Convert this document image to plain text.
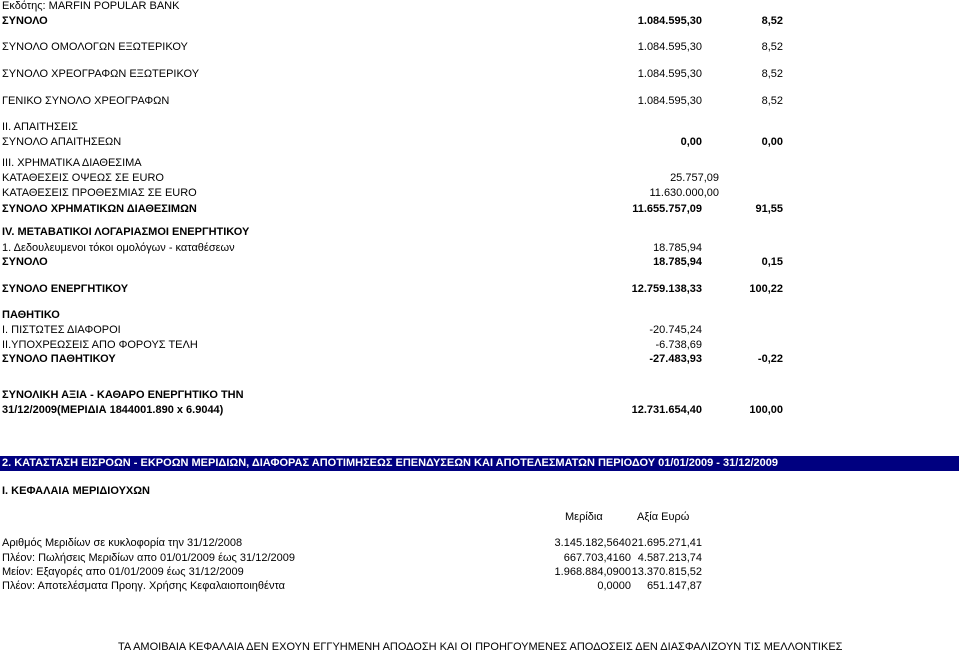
Εκδότης: MARFIN POPULAR BANK
ΣΥΝΟΛΟ	1.084.595,30	8,52
ΣΥΝΟΛΟ ΟΜΟΛΟΓΩΝ ΕΞΩΤΕΡΙΚΟΥ	1.084.595,30	8,52
ΣΥΝΟΛΟ ΧΡΕΟΓΡΑΦΩΝ ΕΞΩΤΕΡΙΚΟΥ	1.084.595,30	8,52
ΓΕΝΙΚΟ ΣΥΝΟΛΟ ΧΡΕΟΓΡΑΦΩΝ	1.084.595,30	8,52
ΙΙ. ΑΠΑΙΤΗΣΕΙΣ
ΣΥΝΟΛΟ ΑΠΑΙΤΗΣΕΩΝ	0,00	0,00
ΙΙΙ. ΧΡΗΜΑΤΙΚΑ ΔΙΑΘΕΣΙΜΑ
ΚΑΤΑΘΕΣΕΙΣ ΟΨΕΩΣ ΣΕ EURO	25.757,09
ΚΑΤΑΘΕΣΕΙΣ ΠΡΟΘΕΣΜΙΑΣ ΣΕ EURO	11.630.000,00
ΣΥΝΟΛΟ ΧΡΗΜΑΤΙΚΩΝ ΔΙΑΘΕΣΙΜΩΝ	11.655.757,09	91,55
IV. ΜΕΤΑΒΑΤΙΚΟΙ ΛΟΓΑΡΙΑΣΜΟΙ ΕΝΕΡΓΗΤΙΚΟΥ
1. Δεδουλευμενοι τόκοι ομολόγων - καταθέσεων	18.785,94
ΣΥΝΟΛΟ	18.785,94	0,15
ΣΥΝΟΛΟ ΕΝΕΡΓΗΤΙΚΟΥ	12.759.138,33	100,22
ΠΑΘΗΤΙΚΟ
Ι. ΠΙΣΤΩΤΕΣ ΔΙΑΦΟΡΟΙ	-20.745,24
ΙΙ.ΥΠΟΧΡΕΩΣΕΙΣ ΑΠΟ ΦΟΡΟΥΣ ΤΕΛΗ	-6.738,69
ΣΥΝΟΛΟ ΠΑΘΗΤΙΚΟΥ	-27.483,93	-0,22
ΣΥΝΟΛΙΚΗ ΑΞΙΑ - ΚΑΘΑΡΟ ΕΝΕΡΓΗΤΙΚΟ ΤΗΝ
31/12/2009(ΜΕΡΙΔΙΑ 1844001.890 x 6.9044)	12.731.654,40	100,00
2. ΚΑΤΑΣΤΑΣΗ ΕΙΣΡΟΩΝ - ΕΚΡΟΩΝ ΜΕΡΙΔΙΩΝ, ΔΙΑΦΟΡΑΣ ΑΠΟΤΙΜΗΣΕΩΣ ΕΠΕΝΔΥΣΕΩΝ ΚΑΙ ΑΠΟΤΕΛΕΣΜΑΤΩΝ ΠΕΡΙΟΔΟΥ 01/01/2009 - 31/12/2009
Ι. ΚΕΦΑΛΑΙΑ ΜΕΡΙΔΙΟΥΧΩΝ
Μερίδια	Αξία Ευρώ
Αριθμός Μεριδίων σε κυκλοφορία την 31/12/2008	3.145.182,5640 21.695.271,41
Πλέον: Πωλήσεις Μεριδίων απο 01/01/2009 έως 31/12/2009	667.703,4160 4.587.213,74
Μείον: Εξαγορές απο 01/01/2009 έως 31/12/2009	1.968.884,0900 13.370.815,52
Πλέον: Αποτελέσματα Προηγ. Χρήσης Κεφαλαιοποιηθέντα	0,0000 651.147,87
ΤΑ ΑΜΟΙΒΑΙΑ ΚΕΦΑΛΑΙΑ ΔΕΝ ΕΧΟΥΝ ΕΓΓΥΗΜΕΝΗ ΑΠΟΔΟΣΗ ΚΑΙ ΟΙ ΠΡΟΗΓΟΥΜΕΝΕΣ ΑΠΟΔΟΣΕΙΣ ΔΕΝ ΔΙΑΣΦΑΛΙΖΟΥΝ ΤΙΣ ΜΕΛΛΟΝΤΙΚΕΣ
